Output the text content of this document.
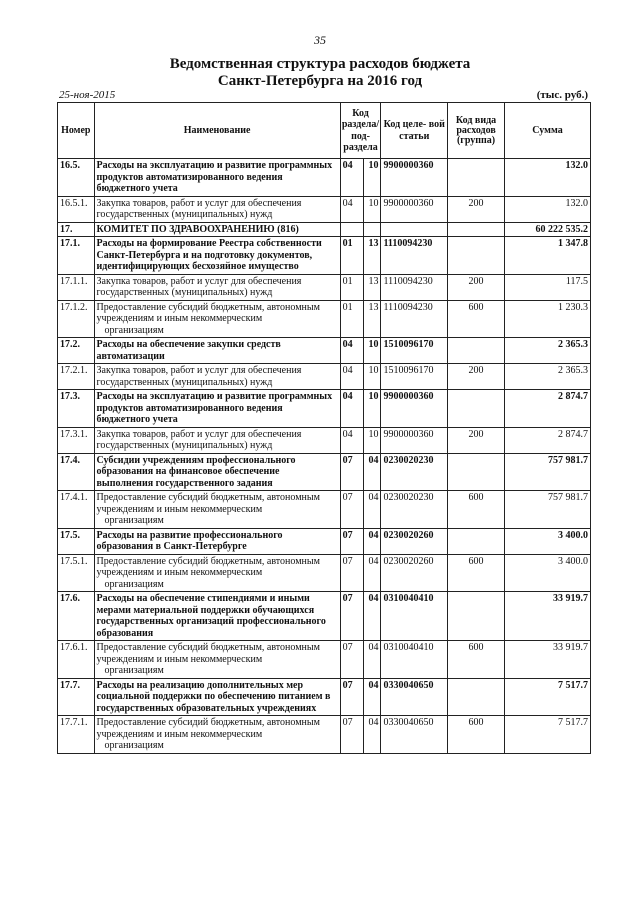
35
Ведомственная структура расходов бюджета
Санкт-Петербурга на 2016 год
25-ноя-2015	(тыс. руб.)
Номер	Наименование	Код раздела/ под- раздела		Код целе- вой статьи	Код вида расходов (группа)	Сумма
16.5.	Расходы на эксплуатацию и развитие программных продуктов автоматизированного ведения бюджетного учета	04	10	9900000360		132.0
16.5.1.	Закупка товаров, работ и услуг для обеспечения государственных (муниципальных) нужд	04	10	9900000360	200	132.0
17.	КОМИТЕТ ПО ЗДРАВООХРАНЕНИЮ (816)					60 222 535.2
17.1.	Расходы на формирование Реестра собственности Санкт-Петербурга и на подготовку документов, идентифицирующих бесхозяйное имущество	01	13	1110094230		1 347.8
17.1.1.	Закупка товаров, работ и услуг для обеспечения государственных (муниципальных) нужд	01	13	1110094230	200	117.5
17.1.2.	Предоставление субсидий бюджетным, автономным учреждениям и иным некоммерческим
организациям	01	13	1110094230	600	1 230.3
17.2.	Расходы на обеспечение закупки средств автоматизации	04	10	1510096170		2 365.3
17.2.1.	Закупка товаров, работ и услуг для обеспечения государственных (муниципальных) нужд	04	10	1510096170	200	2 365.3
17.3.	Расходы на эксплуатацию и развитие программных продуктов автоматизированного ведения бюджетного учета	04	10	9900000360		2 874.7
17.3.1.	Закупка товаров, работ и услуг для обеспечения государственных (муниципальных) нужд	04	10	9900000360	200	2 874.7
17.4.	Субсидии учреждениям профессионального образования на финансовое обеспечение выполнения государственного задания	07	04	0230020230		757 981.7
17.4.1.	Предоставление субсидий бюджетным, автономным учреждениям и иным некоммерческим
организациям	07	04	0230020230	600	757 981.7
17.5.	Расходы на развитие профессионального образования в Санкт-Петербурге	07	04	0230020260		3 400.0
17.5.1.	Предоставление субсидий бюджетным, автономным учреждениям и иным некоммерческим
организациям	07	04	0230020260	600	3 400.0
17.6.	Расходы на обеспечение стипендиями и иными мерами материальной поддержки обучающихся государственных организаций профессионального образования	07	04	0310040410		33 919.7
17.6.1.	Предоставление субсидий бюджетным, автономным учреждениям и иным некоммерческим
организациям	07	04	0310040410	600	33 919.7
17.7.	Расходы на реализацию дополнительных мер социальной поддержки по обеспечению питанием в государственных образовательных учреждениях	07	04	0330040650		7 517.7
17.7.1.	Предоставление субсидий бюджетным, автономным учреждениям и иным некоммерческим
организациям	07	04	0330040650	600	7 517.7
